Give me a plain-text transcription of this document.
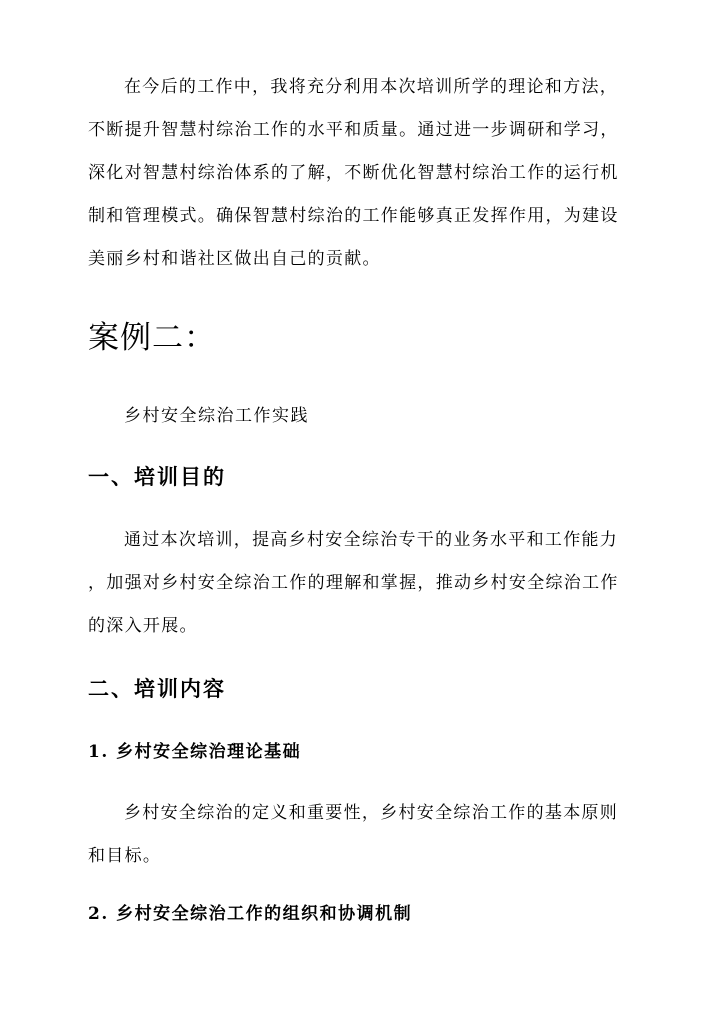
在今后的工作中，我将充分利用本次培训所学的理论和方法，
不断提升智慧村综治工作的水平和质量。通过进一步调研和学习，
深化对智慧村综治体系的了解，不断优化智慧村综治工作的运行机
制和管理模式。确保智慧村综治的工作能够真正发挥作用，为建设
美丽乡村和谐社区做出自己的贡献。
案例二：

乡村安全综治工作实践

一、培训目的
通过本次培训，提高乡村安全综治专干的业务水平和工作能力
，加强对乡村安全综治工作的理解和掌握，推动乡村安全综治工作
的深入开展。
二、培训内容
1. 乡村安全综治理论基础
乡村安全综治的定义和重要性，乡村安全综治工作的基本原则
和目标。
2. 乡村安全综治工作的组织和协调机制
